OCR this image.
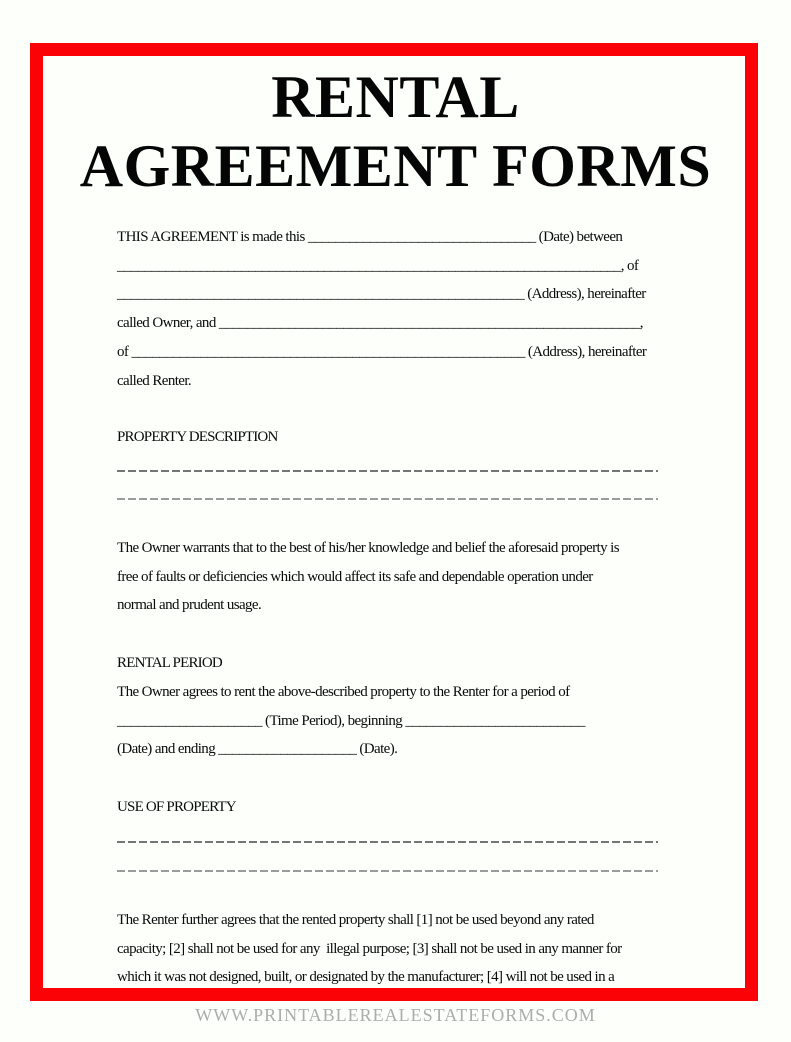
RENTAL
AGREEMENT FORMS
THIS AGREEMENT is made this _________________________________ (Date) between
_________________________________________________________________________, of
___________________________________________________________ (Address), hereinafter
called Owner, and _____________________________________________________________,
of _________________________________________________________ (Address), hereinafter
called Renter.
PROPERTY DESCRIPTION
The Owner warrants that to the best of his/her knowledge and belief the aforesaid property is
free of faults or deficiencies which would affect its safe and dependable operation under
normal and prudent usage.
RENTAL PERIOD
The Owner agrees to rent the above-described property to the Renter for a period of
_____________________ (Time Period), beginning __________________________
(Date) and ending ____________________ (Date).
USE OF PROPERTY
The Renter further agrees that the rented property shall [1] not be used beyond any rated
capacity; [2] shall not be used for any  illegal purpose; [3] shall not be used in any manner for
which it was not designed, built, or designated by the manufacturer; [4] will not be used in a
WWW.PRINTABLEREALESTATEFORMS.COM
